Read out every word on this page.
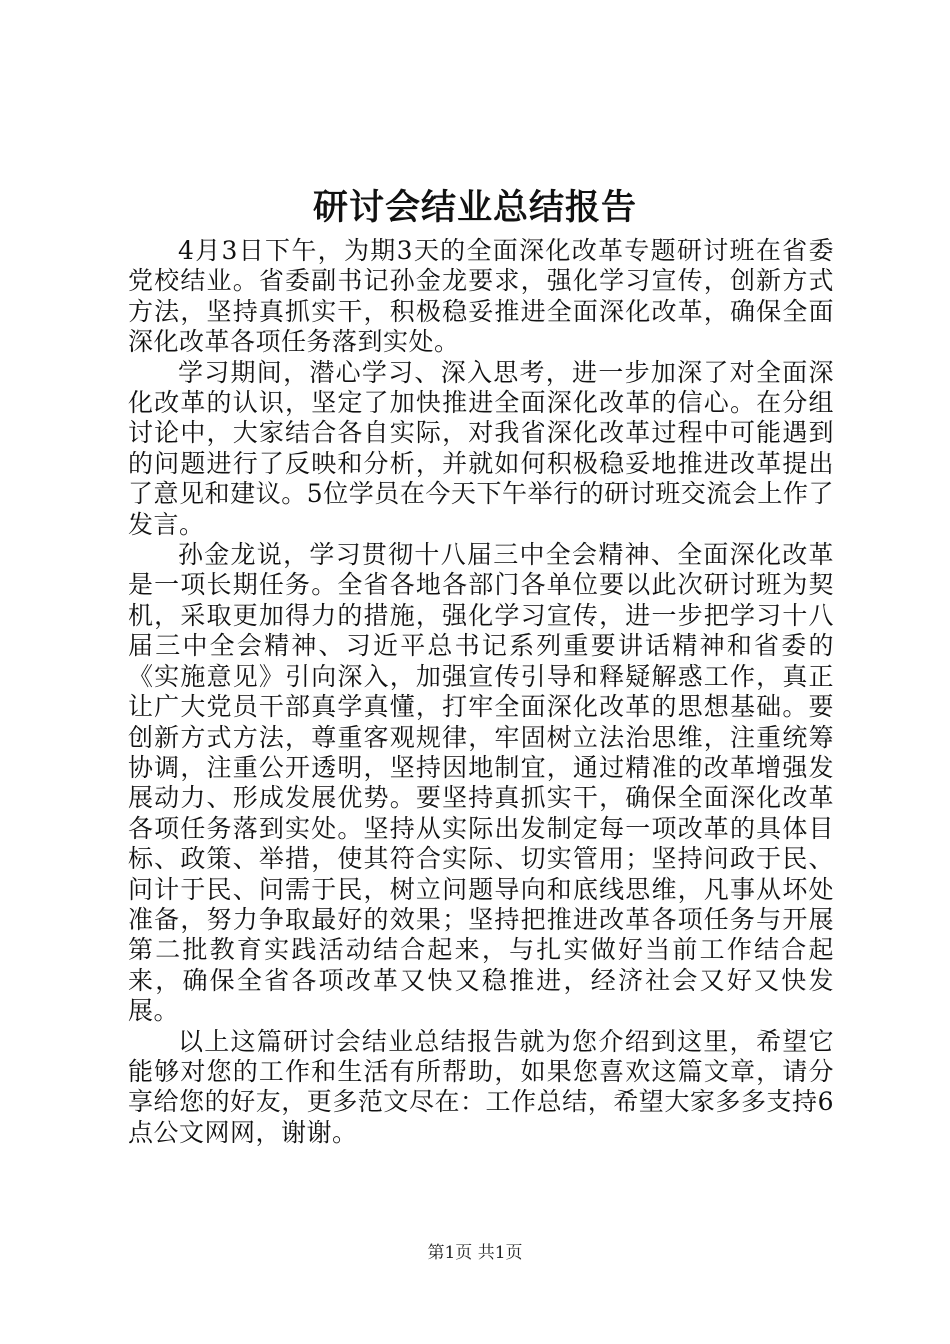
研讨会结业总结报告

4月3日下午，为期3天的全面深化改革专题研讨班在省委党校结业。省委副书记孙金龙要求，强化学习宣传，创新方式方法，坚持真抓实干，积极稳妥推进全面深化改革，确保全面深化改革各项任务落到实处。

学习期间，潜心学习、深入思考，进一步加深了对全面深化改革的认识，坚定了加快推进全面深化改革的信心。在分组讨论中，大家结合各自实际，对我省深化改革过程中可能遇到的问题进行了反映和分析，并就如何积极稳妥地推进改革提出了意见和建议。5位学员在今天下午举行的研讨班交流会上作了发言。

孙金龙说，学习贯彻十八届三中全会精神、全面深化改革是一项长期任务。全省各地各部门各单位要以此次研讨班为契机，采取更加得力的措施，强化学习宣传，进一步把学习十八届三中全会精神、习近平总书记系列重要讲话精神和省委的《实施意见》引向深入，加强宣传引导和释疑解惑工作，真正让广大党员干部真学真懂，打牢全面深化改革的思想基础。要创新方式方法，尊重客观规律，牢固树立法治思维，注重统筹协调，注重公开透明，坚持因地制宜，通过精准的改革增强发展动力、形成发展优势。要坚持真抓实干，确保全面深化改革各项任务落到实处。坚持从实际出发制定每一项改革的具体目标、政策、举措，使其符合实际、切实管用；坚持问政于民、问计于民、问需于民，树立问题导向和底线思维，凡事从坏处准备，努力争取最好的效果；坚持把推进改革各项任务与开展第二批教育实践活动结合起来，与扎实做好当前工作结合起来，确保全省各项改革又快又稳推进，经济社会又好又快发展。

以上这篇研讨会结业总结报告就为您介绍到这里，希望它能够对您的工作和生活有所帮助，如果您喜欢这篇文章，请分享给您的好友，更多范文尽在：工作总结，希望大家多多支持6点公文网网，谢谢。

第1页 共1页
